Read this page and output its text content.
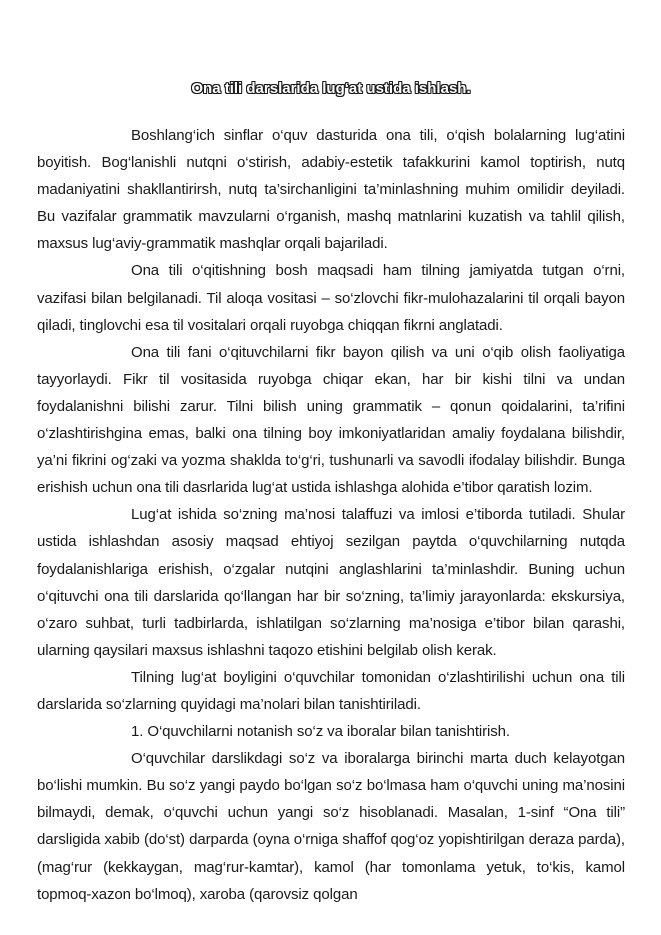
Ona tili darslarida lug‘at ustida ishlash.

Boshlang‘ich sinflar o‘quv dasturida ona tili, o‘qish bolalarning lug‘atini boyitish. Bog‘lanishli nutqni o‘stirish, adabiy-estetik tafakkurini kamol toptirish, nutq madaniyatini shakllantirirsh, nutq ta’sirchanligini ta’minlashning muhim omilidir deyiladi. Bu vazifalar grammatik mavzularni o‘rganish, mashq matnlarini kuzatish va tahlil qilish, maxsus lug‘aviy-grammatik mashqlar orqali bajariladi.

Ona tili o‘qitishning bosh maqsadi ham tilning jamiyatda tutgan o‘rni, vazifasi bilan belgilanadi. Til aloqa vositasi – so‘zlovchi fikr-mulohazalarini til orqali bayon qiladi, tinglovchi esa til vositalari orqali ruyobga chiqqan fikrni anglatadi.

Ona tili fani o‘qituvchilarni fikr bayon qilish va uni o‘qib olish faoliyatiga tayyorlaydi. Fikr til vositasida ruyobga chiqar ekan, har bir kishi tilni va undan foydalanishni bilishi zarur. Tilni bilish uning grammatik – qonun qoidalarini, ta’rifini o‘zlashtirishgina emas, balki ona tilning boy imkoniyatlaridan amaliy foydalana bilishdir, ya’ni fikrini og‘zaki va yozma shaklda to‘g‘ri, tushunarli va savodli ifodalay bilishdir. Bunga erishish uchun ona tili dasrlarida lug‘at ustida ishlashga alohida e’tibor qaratish lozim.

Lug‘at ishida so‘zning ma’nosi talaffuzi va imlosi e’tiborda tutiladi. Shular ustida ishlashdan asosiy maqsad ehtiyoj sezilgan paytda o‘quvchilarning nutqda foydalanishlariga erishish, o‘zgalar nutqini anglashlarini ta’minlashdir. Buning uchun o‘qituvchi ona tili darslarida qo‘llangan har bir so‘zning, ta’limiy jarayonlarda: ekskursiya, o‘zaro suhbat, turli tadbirlarda, ishlatilgan so‘zlarning ma’nosiga e’tibor bilan qarashi, ularning qaysilari maxsus ishlashni taqozo etishini belgilab olish kerak.

Tilning lug‘at boyligini o‘quvchilar tomonidan o‘zlashtirilishi uchun ona tili darslarida so‘zlarning quyidagi ma’nolari bilan tanishtiriladi.

1. O‘quvchilarni notanish so‘z va iboralar bilan tanishtirish.

O‘quvchilar darslikdagi so‘z va iboralarga birinchi marta duch kelayotgan bo‘lishi mumkin. Bu so‘z yangi paydo bo‘lgan so‘z bo‘lmasa ham o‘quvchi uning ma’nosini bilmaydi, demak, o‘quvchi uchun yangi so‘z hisoblanadi. Masalan, 1-sinf “Ona tili” darsligida xabib (do‘st) darparda (oyna o‘rniga shaffof qog‘oz yopishtirilgan deraza parda), (mag‘rur (kekkaygan, mag‘rur-kamtar), kamol (har tomonlama yetuk, to‘kis, kamol topmoq-xazon bo‘lmoq), xaroba (qarovsiz qolgan
